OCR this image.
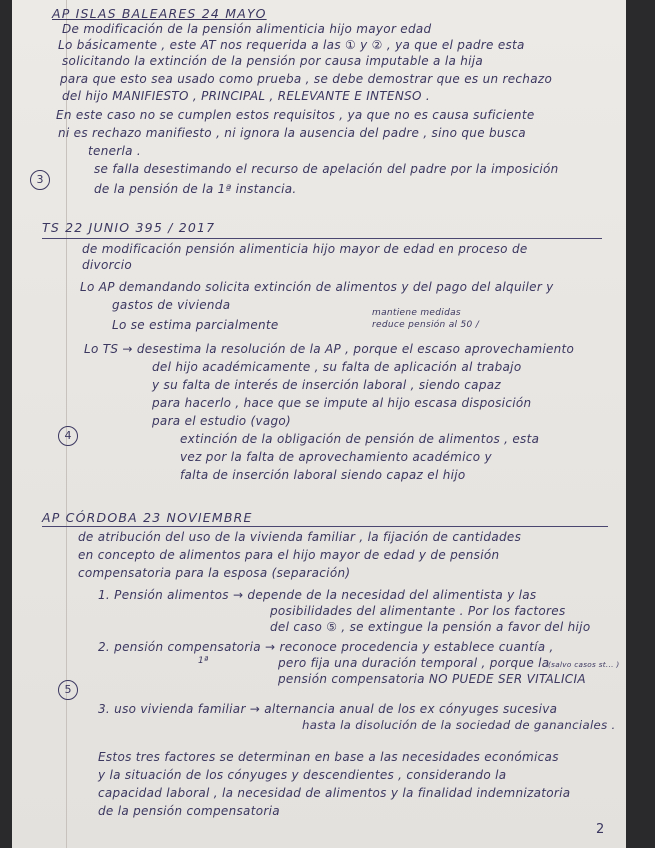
AP ISLAS BALEARES 24 MAYO
De modificación de la pensión alimenticia hijo mayor edad
Lo básicamente , este AT nos requerida a las ① y ② , ya que el padre esta
solicitando la extinción de la pensión por causa imputable a la hija
para que esto sea usado como prueba , se debe demostrar que es un rechazo
del hijo MANIFIESTO , PRINCIPAL , RELEVANTE E INTENSO .
En este caso no se cumplen estos requisitos , ya que no es causa suficiente
ni es rechazo manifiesto , ni ignora la ausencia del padre , sino que busca
tenerla .
3
se falla desestimando el recurso de apelación del padre por la imposición
de la pensión de la 1ª instancia.
TS 22 JUNIO 395 / 2017
de modificación pensión alimenticia hijo mayor de edad en proceso de
divorcio
Lo AP demandando solicita extinción de alimentos y del pago del alquiler y
gastos de vivienda
mantiene medidas
Lo se estima parcialmente	reduce pensión al 50 /
Lo TS → desestima la resolución de la AP , porque el escaso aprovechamiento
del hijo académicamente , su falta de aplicación al trabajo
y su falta de interés de inserción laboral , siendo capaz
para hacerlo , hace que se impute al hijo escasa disposición
para el estudio (vago)
4	extinción de la obligación de pensión de alimentos , esta
vez por la falta de aprovechamiento académico y
falta de inserción laboral siendo capaz el hijo
AP CÓRDOBA 23 NOVIEMBRE
de atribución del uso de la vivienda familiar , la fijación de cantidades
en concepto de alimentos para el hijo mayor de edad y de pensión
compensatoria para la esposa (separación)
1. Pensión alimentos → depende de la necesidad del alimentista y las
posibilidades del alimentante . Por los factores
del caso ⑤ , se extingue la pensión a favor del hijo
2. pensión compensatoria → reconoce procedencia y establece cuantía ,
1ª	pero fija una duración temporal , porque la
5
pensión compensatoria NO PUEDE SER VITALICIA
(salvo casos st... )
3. uso vivienda familiar → alternancia anual de los ex cónyuges sucesiva
hasta la disolución de la sociedad de gananciales .
Estos tres factores se determinan en base a las necesidades económicas
y la situación de los cónyuges y descendientes , considerando la
capacidad laboral , la necesidad de alimentos y la finalidad indemnizatoria
de la pensión compensatoria
2
